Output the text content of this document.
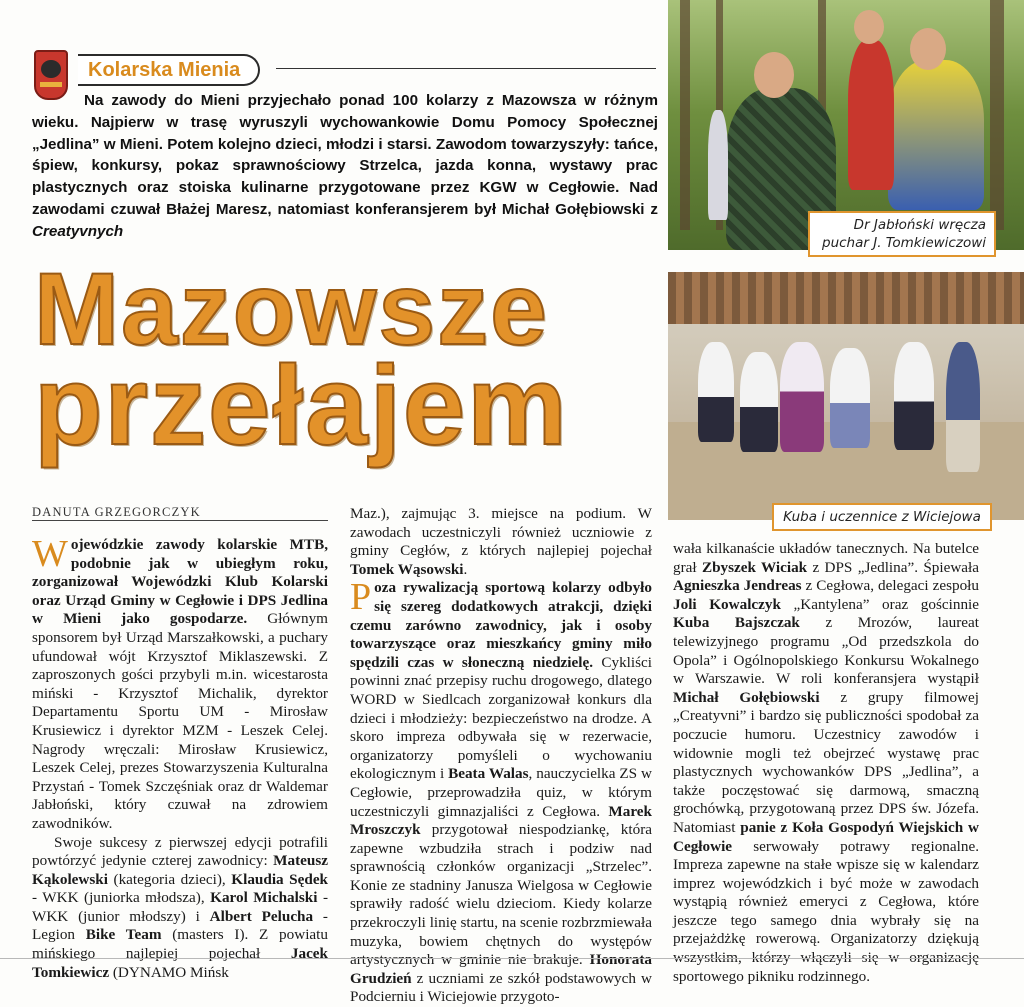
Kolarska Mienia

Na zawody do Mieni przyjechało ponad 100 kolarzy z Mazowsza w różnym wieku. Najpierw w trasę wyruszyli wychowankowie Domu Pomocy Społecznej „Jedlina” w Mieni. Potem kolejno dzieci, młodzi i starsi. Zawodom towarzyszyły: tańce, śpiew, konkursy, pokaz sprawnościowy Strzelca, jazda konna, wystawy prac plastycznych oraz stoiska kulinarne przygotowane przez KGW w Cegłowie. Nad zawodami czuwał Błażej Maresz, natomiast konferansjerem był Michał Gołębiowski z Creatyvnych

Mazowsze
przełajem

DANUTA GRZEGORCZYK

Wojewódzkie zawody kolarskie MTB, podobnie jak w ubiegłym roku, zorganizował Wojewódzki Klub Kolarski oraz Urząd Gminy w Cegłowie i DPS Jedlina w Mieni jako gospodarze. Głównym sponsorem był Urząd Marszałkowski, a puchary ufundował wójt Krzysztof Miklaszewski. Z zaproszonych gości przybyli m.in. wicestarosta miński - Krzysztof Michalik, dyrektor Departamentu Sportu UM - Mirosław Krusiewicz i dyrektor MZM - Leszek Celej. Nagrody wręczali: Mirosław Krusiewicz, Leszek Celej, prezes Stowarzyszenia Kulturalna Przystań - Tomek Szczęśniak oraz dr Waldemar Jabłoński, który czuwał na zdrowiem zawodników.

Swoje sukcesy z pierwszej edycji potrafili powtórzyć jedynie czterej zawodnicy: Mateusz Kąkolewski (kategoria dzieci), Klaudia Sędek - WKK (juniorka młodsza), Karol Michalski - WKK (junior młodszy) i Albert Pelucha - Legion Bike Team (masters I). Z powiatu mińskiego najlepiej pojechał Jacek Tomkiewicz (DYNAMO Mińsk

Maz.), zajmując 3. miejsce na podium. W zawodach uczestniczyli również uczniowie z gminy Cegłów, z których najlepiej pojechał Tomek Wąsowski.

Poza rywalizacją sportową kolarzy odbyło się szereg dodatkowych atrakcji, dzięki czemu zarówno zawodnicy, jak i osoby towarzyszące oraz mieszkańcy gminy miło spędzili czas w słoneczną niedzielę. Cykliści powinni znać przepisy ruchu drogowego, dlatego WORD w Siedlcach zorganizował konkurs dla dzieci i młodzieży: bezpieczeństwo na drodze. A skoro impreza odbywała się w rezerwacie, organizatorzy pomyśleli o wychowaniu ekologicznym i Beata Walas, nauczycielka ZS w Cegłowie, przeprowadziła quiz, w którym uczestniczyli gimnazjaliści z Cegłowa. Marek Mroszczyk przygotował niespodziankę, która zapewne wzbudziła strach i podziw nad sprawnością członków organizacji „Strzelec”. Konie ze stadniny Janusza Wielgosa w Cegłowie sprawiły radość wielu dzieciom. Kiedy kolarze przekroczyli linię startu, na scenie rozbrzmiewała muzyka, bowiem chętnych do występów artystycznych w gminie nie brakuje. Honorata Grudzień z uczniami ze szkół podstawowych w Podcierniu i Wiciejowie przygoto-

wała kilkanaście układów tanecznych. Na butelce grał Zbyszek Wiciak z DPS „Jedlina”. Śpiewała Agnieszka Jendreas z Cegłowa, delegaci zespołu Joli Kowalczyk „Kantylena” oraz gościnnie Kuba Bajszczak z Mrozów, laureat telewizyjnego programu „Od przedszkola do Opola” i Ogólnopolskiego Konkursu Wokalnego w Warszawie. W roli konferansjera wystąpił Michał Gołębiowski z grupy filmowej „Creatyvni” i bardzo się publiczności spodobał za poczucie humoru. Uczestnicy zawodów i widownie mogli też obejrzeć wystawę prac plastycznych wychowanków DPS „Jedlina”, a także poczęstować się darmową, smaczną grochówką, przygotowaną przez DPS św. Józefa. Natomiast panie z Koła Gospodyń Wiejskich w Cegłowie serwowały potrawy regionalne. Impreza zapewne na stałe wpisze się w kalendarz imprez wojewódzkich i być może w zawodach wystąpią również emeryci z Cegłowa, które jeszcze tego samego dnia wybrały się na przejażdżkę rowerową. Organizatorzy dziękują wszystkim, którzy włączyli się w organizację sportowego pikniku rodzinnego.

Dr Jabłoński wręcza puchar J. Tomkiewiczowi
Kuba i uczennice z Wiciejowa
